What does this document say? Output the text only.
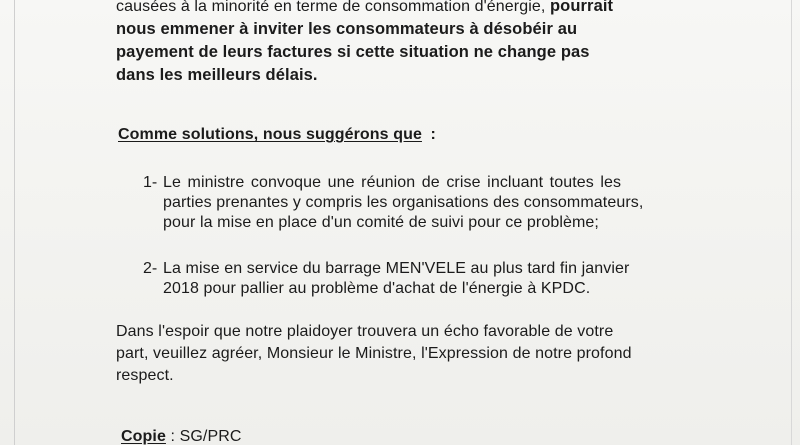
causées à la minorité en terme de consommation d'énergie, pourrait
nous emmener à inviter les consommateurs à désobéir au
payement de leurs factures si cette situation ne change pas
dans les meilleurs délais.
Comme solutions, nous suggérons que :
1- Le ministre convoque une réunion de crise incluant toutes les
parties prenantes y compris les organisations des consommateurs,
pour la mise en place d'un comité de suivi pour ce problème;
2- La mise en service du barrage MEN'VELE au plus tard fin janvier
2018 pour pallier au problème d'achat de l'énergie à KPDC.
Dans l'espoir que notre plaidoyer trouvera un écho favorable de votre
part, veuillez agréer, Monsieur le Ministre, l'Expression de notre profond
respect.
Copie : SG/PRC
